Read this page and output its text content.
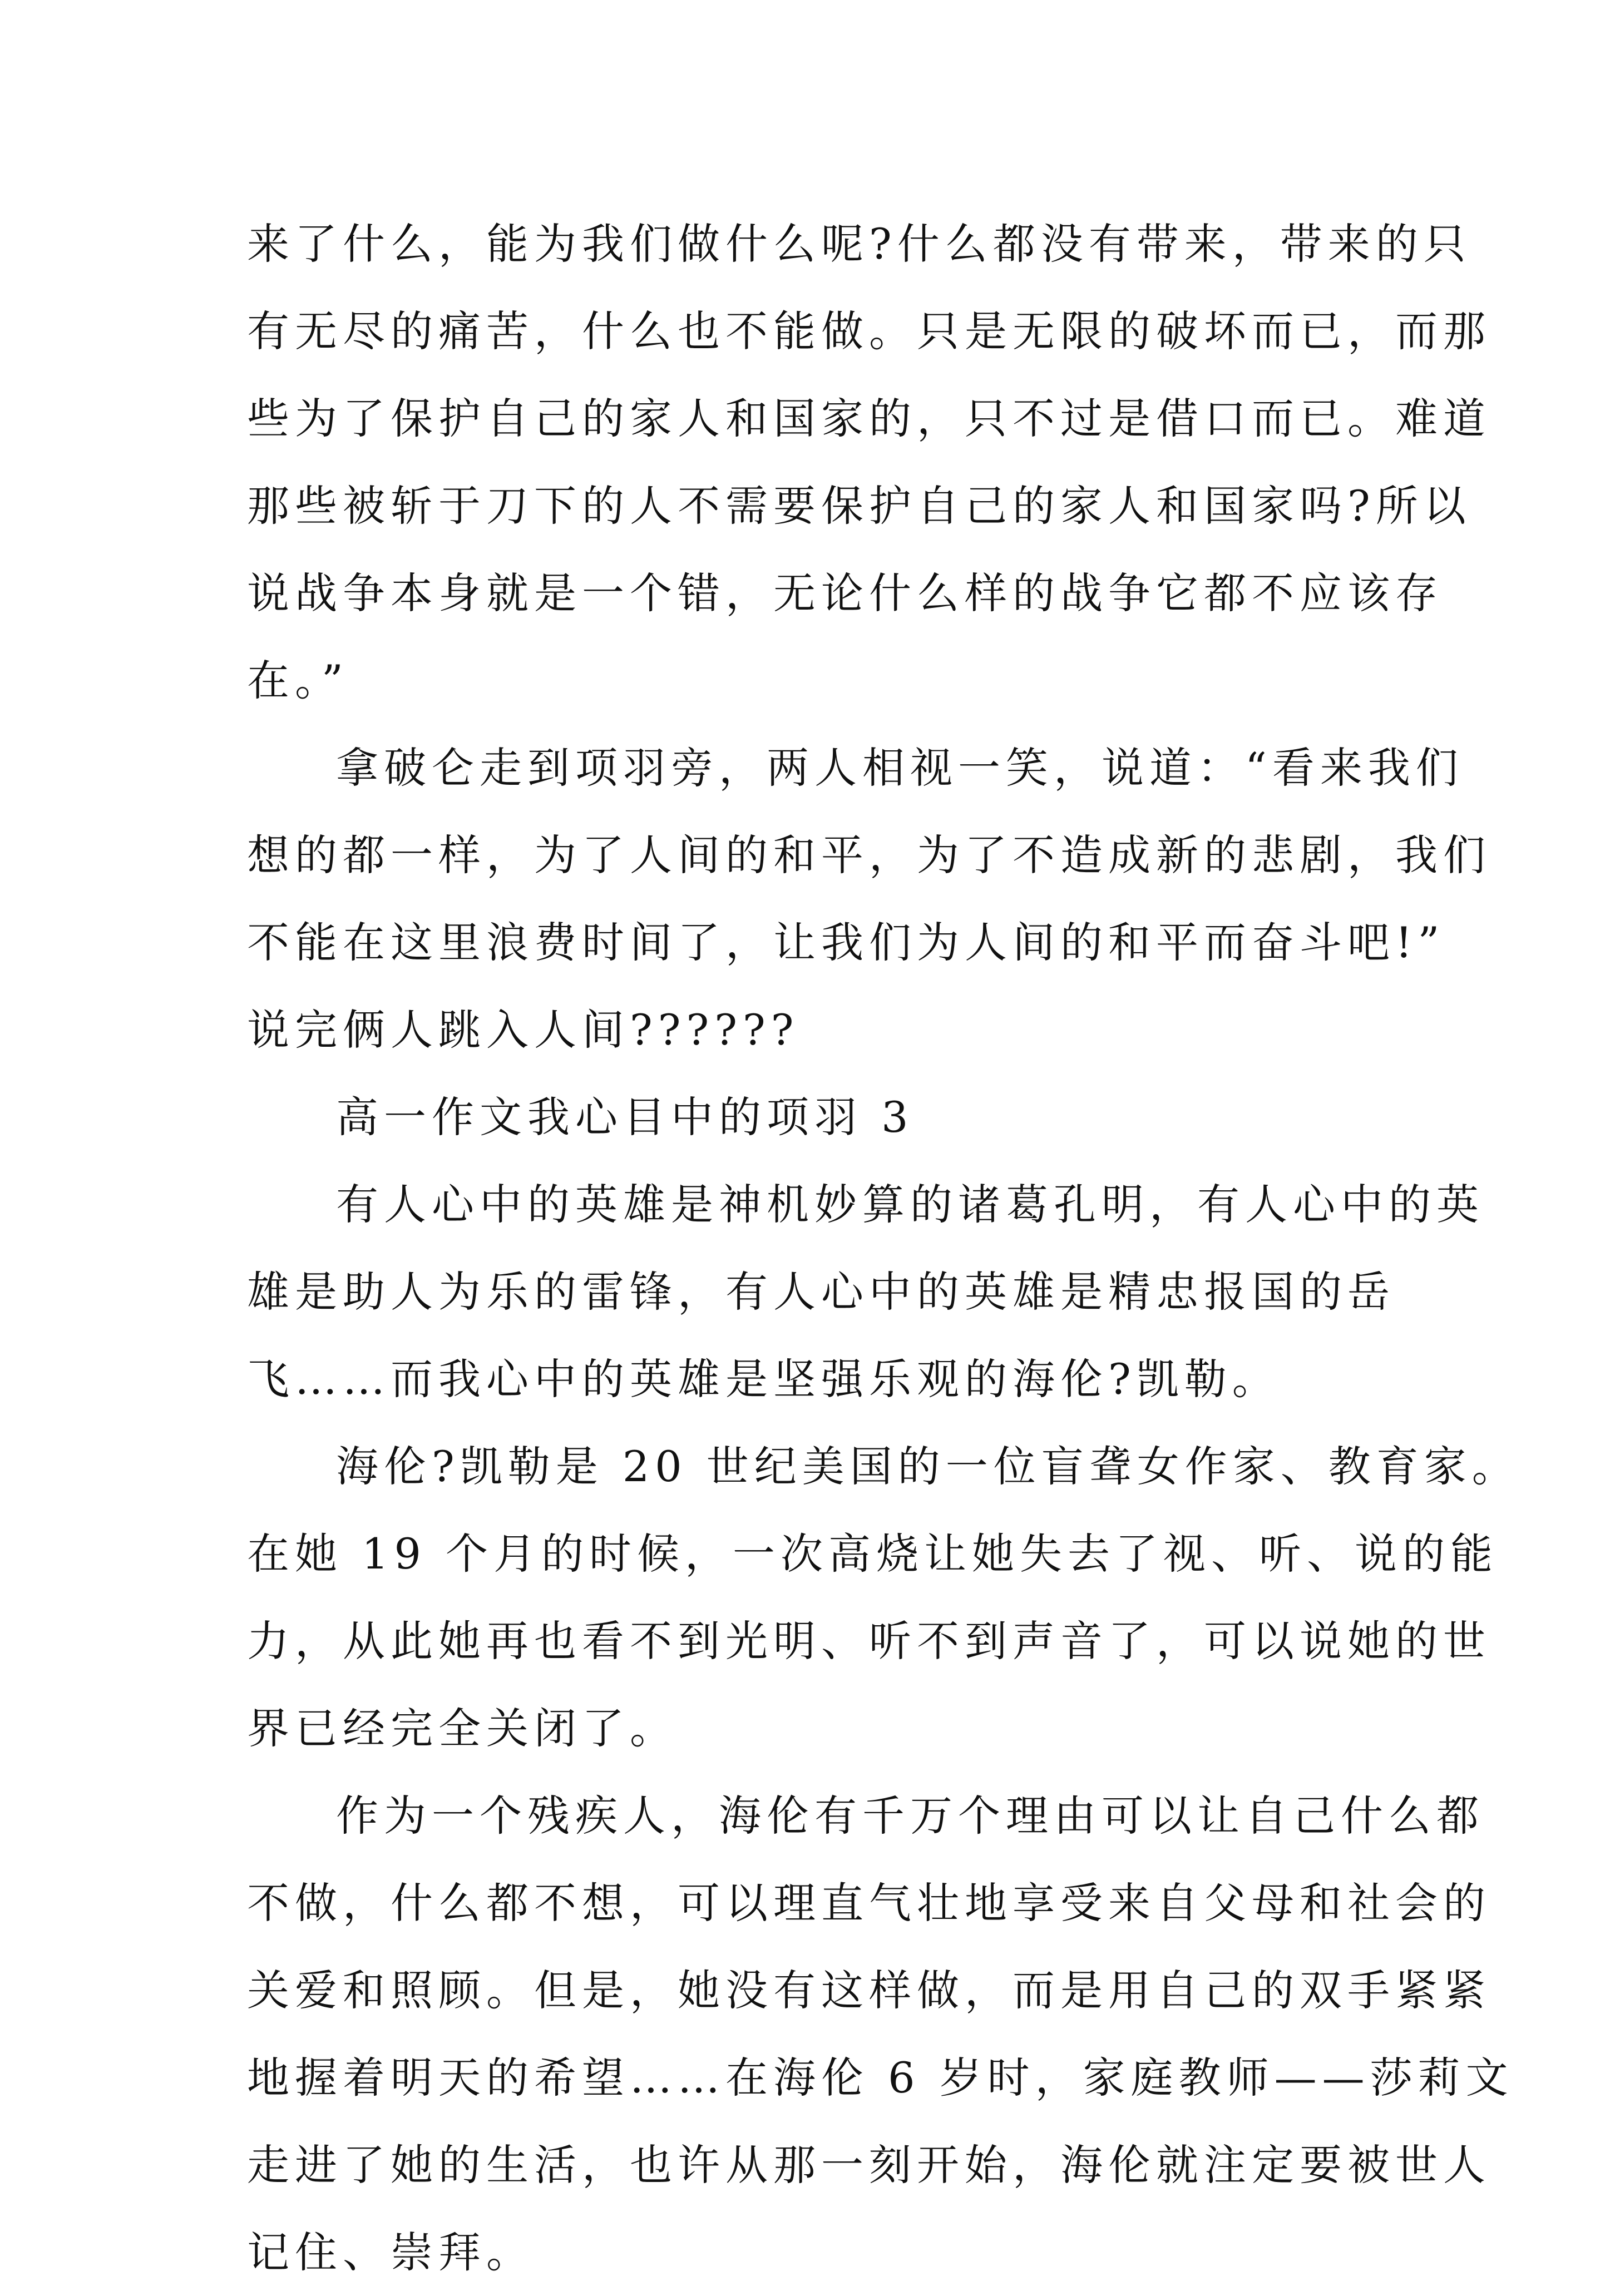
来了什么，能为我们做什么呢?什么都没有带来，带来的只
有无尽的痛苦，什么也不能做。只是无限的破坏而已，而那
些为了保护自己的家人和国家的，只不过是借口而已。难道
那些被斩于刀下的人不需要保护自己的家人和国家吗?所以
说战争本身就是一个错，无论什么样的战争它都不应该存
在。”
拿破仑走到项羽旁，两人相视一笑，说道：“看来我们
想的都一样，为了人间的和平，为了不造成新的悲剧，我们
不能在这里浪费时间了，让我们为人间的和平而奋斗吧!”
说完俩人跳入人间??????
高一作文我心目中的项羽 3
有人心中的英雄是神机妙算的诸葛孔明，有人心中的英
雄是助人为乐的雷锋，有人心中的英雄是精忠报国的岳
飞……而我心中的英雄是坚强乐观的海伦?凯勒。
海伦?凯勒是 20 世纪美国的一位盲聋女作家、教育家。
在她 19 个月的时候，一次高烧让她失去了视、听、说的能
力，从此她再也看不到光明、听不到声音了，可以说她的世
界已经完全关闭了。
作为一个残疾人，海伦有千万个理由可以让自己什么都
不做，什么都不想，可以理直气壮地享受来自父母和社会的
关爱和照顾。但是，她没有这样做，而是用自己的双手紧紧
地握着明天的希望……在海伦 6 岁时，家庭教师——莎莉文
走进了她的生活，也许从那一刻开始，海伦就注定要被世人
记住、崇拜。
